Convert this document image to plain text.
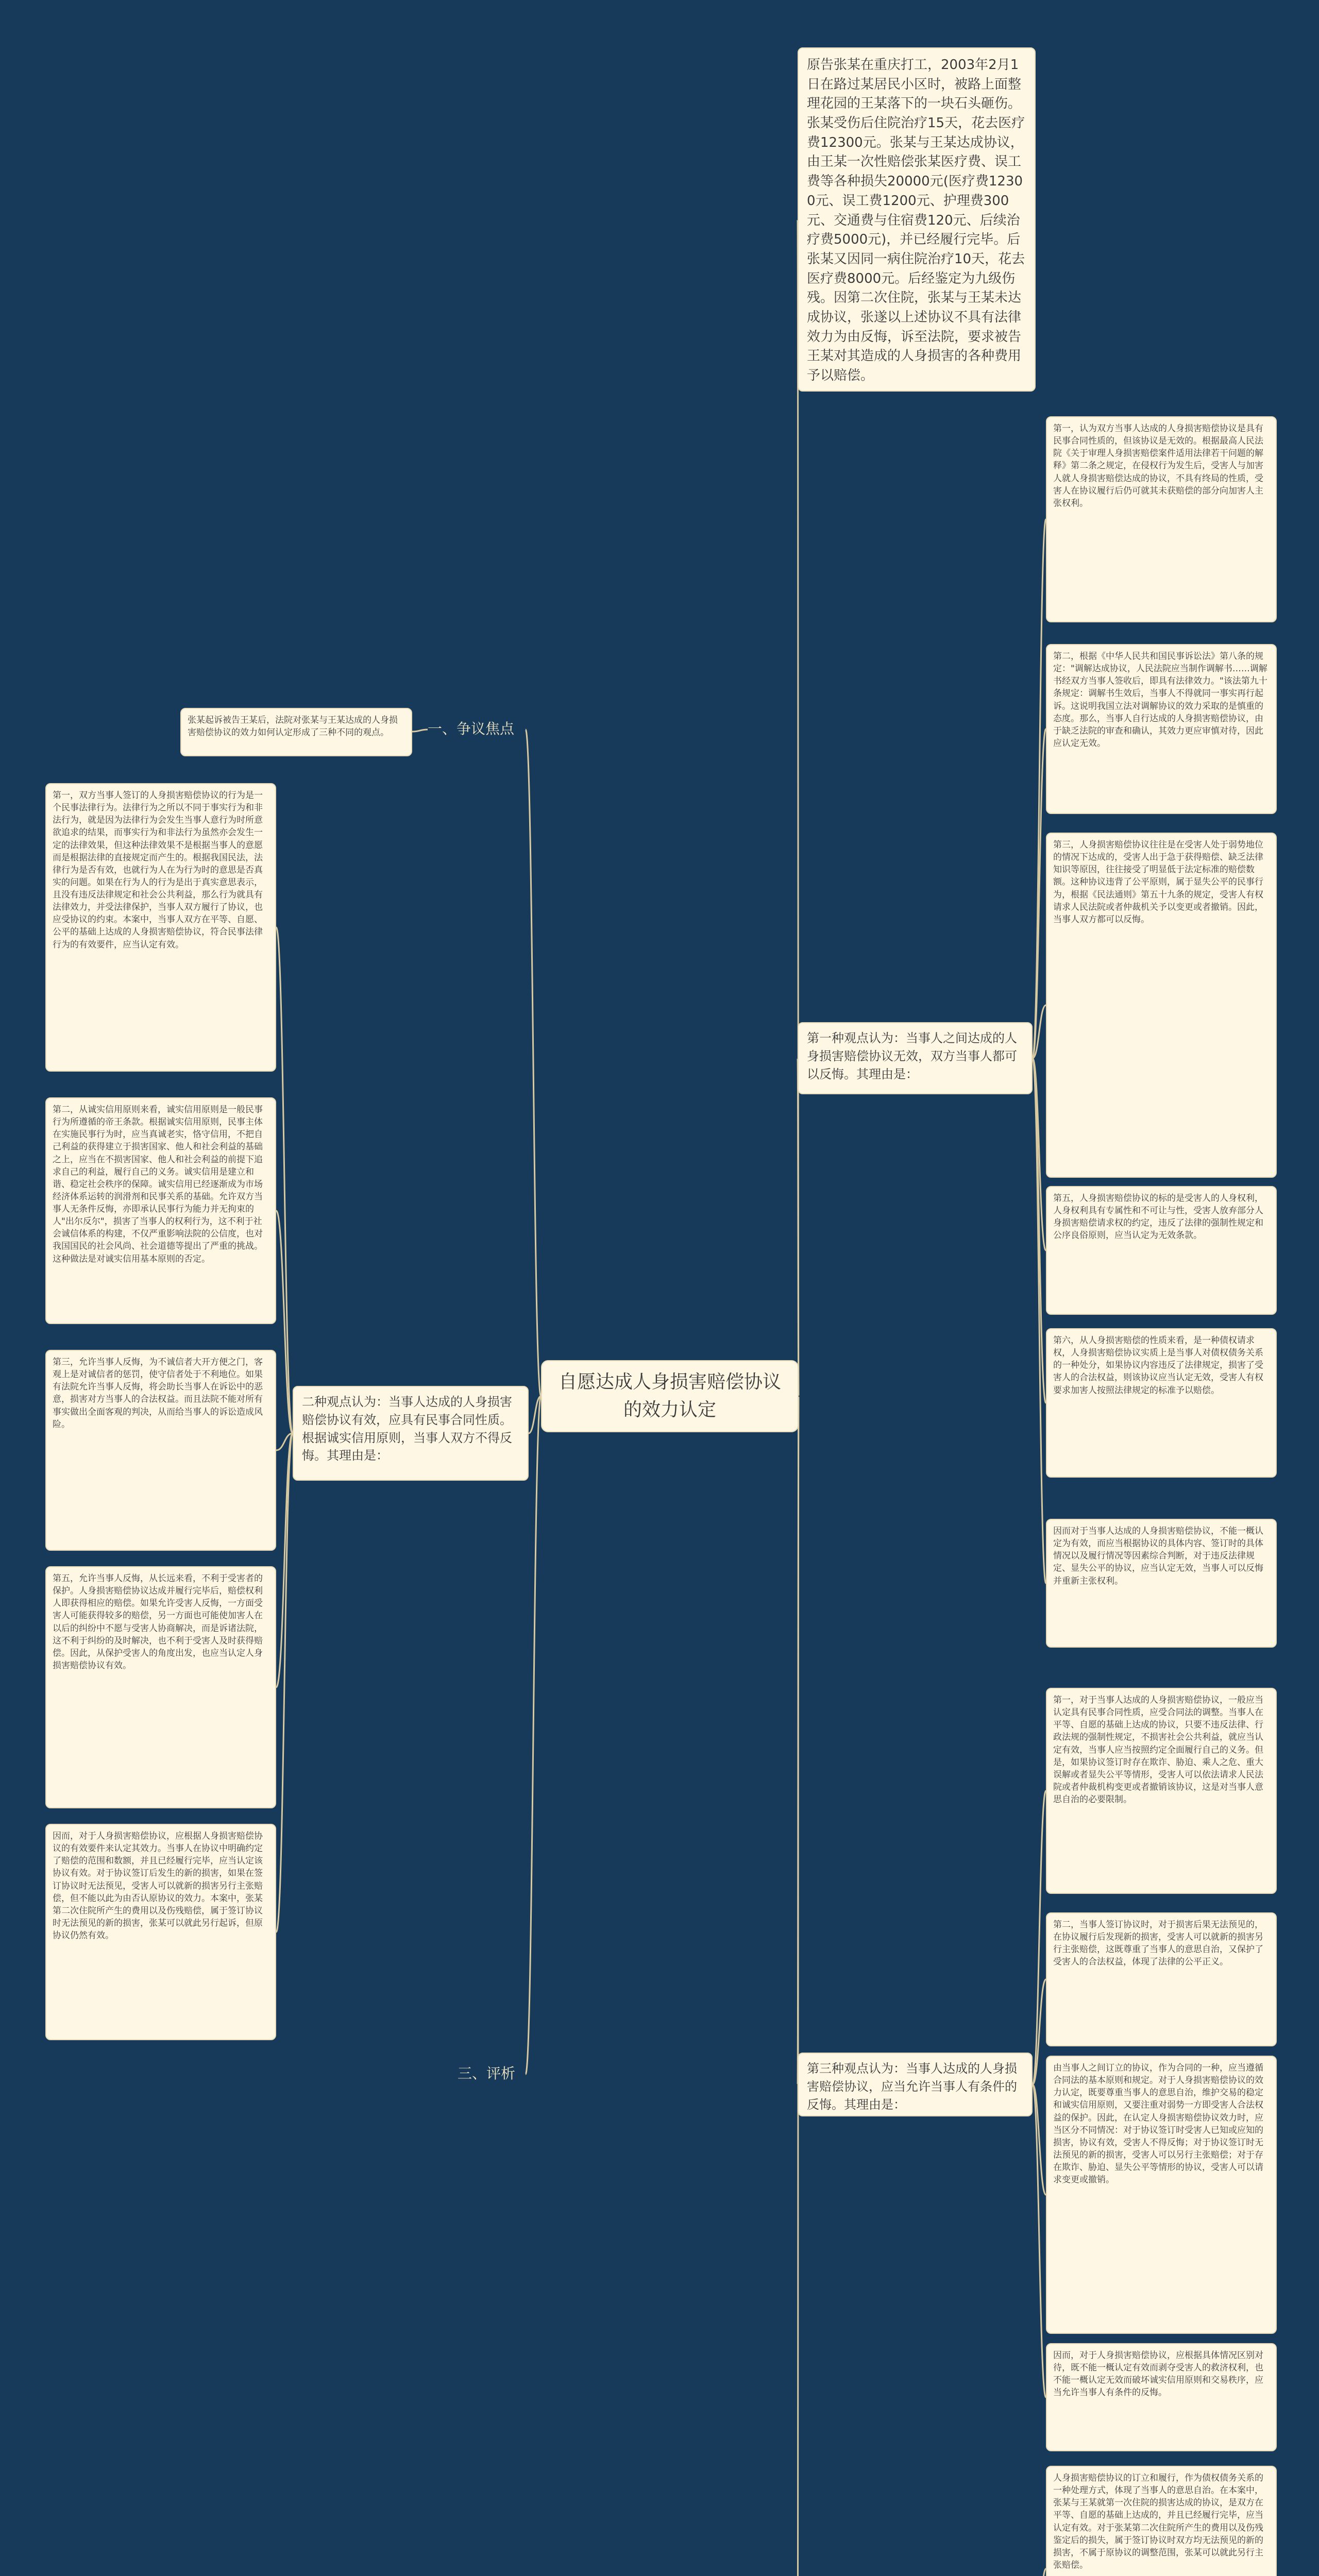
自愿达成人身损害赔偿协议的效力认定
原告张某在重庆打工，2003年2月1日在路过某居民小区时，被路上面整理花园的王某落下的一块石头砸伤。张某受伤后住院治疗15天，花去医疗费12300元。张某与王某达成协议，由王某一次性赔偿张某医疗费、误工费等各种损失20000元(医疗费12300元、误工费1200元、护理费300元、交通费与住宿费120元、后续治疗费5000元)，并已经履行完毕。后张某又因同一病住院治疗10天，花去医疗费8000元。后经鉴定为九级伤残。因第二次住院，张某与王某未达成协议，张遂以上述协议不具有法律效力为由反悔，诉至法院，要求被告王某对其造成的人身损害的各种费用予以赔偿。
一、争议焦点
二种观点认为：当事人达成的人身损害赔偿协议有效，应具有民事合同性质。根据诚实信用原则，当事人双方不得反悔。其理由是：
三、评析
张某起诉被告王某后，法院对张某与王某达成的人身损害赔偿协议的效力如何认定形成了三种不同的观点。
第一，双方当事人签订的人身损害赔偿协议的行为是一个民事法律行为。法律行为之所以不同于事实行为和非法行为，就是因为法律行为会发生当事人意行为时所意欲追求的结果，而事实行为和非法行为虽然亦会发生一定的法律效果，但这种法律效果不是根据当事人的意愿而是根据法律的直接规定而产生的。根据我国民法，法律行为是否有效，也就行为人在为行为时的意思是否真实的问题。如果在行为人的行为是出于真实意思表示，且没有违反法律规定和社会公共利益，那么行为就具有法律效力，并受法律保护，当事人双方履行了协议，也应受协议的约束。本案中，当事人双方在平等、自愿、公平的基础上达成的人身损害赔偿协议，符合民事法律行为的有效要件，应当认定有效。
第二，从诚实信用原则来看，诚实信用原则是一般民事行为所遵循的帝王条款。根据诚实信用原则，民事主体在实施民事行为时，应当真诚老实，恪守信用，不把自己利益的获得建立于损害国家、他人和社会利益的基础之上，应当在不损害国家、他人和社会利益的前提下追求自己的利益，履行自己的义务。诚实信用是建立和谐、稳定社会秩序的保障。诚实信用已经逐渐成为市场经济体系运转的润滑剂和民事关系的基础。允许双方当事人无条件反悔，亦即承认民事行为能力并无拘束的人"出尔反尔"，损害了当事人的权利行为，这不利于社会诚信体系的构建，不仅严重影响法院的公信度，也对我国国民的社会风尚、社会道德等提出了严重的挑战。这种做法是对诚实信用基本原则的否定。
第三，允许当事人反悔，为不诚信者大开方便之门，客观上是对诚信者的惩罚，使守信者处于不利地位。如果有法院允许当事人反悔，将会助长当事人在诉讼中的恶意，损害对方当事人的合法权益。而且法院不能对所有事实做出全面客观的判决，从而给当事人的诉讼造成风险。
第五，允许当事人反悔，从长远来看，不利于受害者的保护。人身损害赔偿协议达成并履行完毕后，赔偿权利人即获得相应的赔偿。如果允许受害人反悔，一方面受害人可能获得较多的赔偿，另一方面也可能使加害人在以后的纠纷中不愿与受害人协商解决，而是诉诸法院，这不利于纠纷的及时解决，也不利于受害人及时获得赔偿。因此，从保护受害人的角度出发，也应当认定人身损害赔偿协议有效。
因而，对于人身损害赔偿协议，应根据人身损害赔偿协议的有效要件来认定其效力。当事人在协议中明确约定了赔偿的范围和数额，并且已经履行完毕，应当认定该协议有效。对于协议签订后发生的新的损害，如果在签订协议时无法预见，受害人可以就新的损害另行主张赔偿，但不能以此为由否认原协议的效力。本案中，张某第二次住院所产生的费用以及伤残赔偿，属于签订协议时无法预见的新的损害，张某可以就此另行起诉，但原协议仍然有效。
第一种观点认为：当事人之间达成的人身损害赔偿协议无效，双方当事人都可以反悔。其理由是：
第三种观点认为：当事人达成的人身损害赔偿协议，应当允许当事人有条件的反悔。其理由是：
第一，认为双方当事人达成的人身损害赔偿协议是具有民事合同性质的，但该协议是无效的。根据最高人民法院《关于审理人身损害赔偿案件适用法律若干问题的解释》第二条之规定，在侵权行为发生后，受害人与加害人就人身损害赔偿达成的协议，不具有终局的性质，受害人在协议履行后仍可就其未获赔偿的部分向加害人主张权利。
第二，根据《中华人民共和国民事诉讼法》第八条的规定："调解达成协议，人民法院应当制作调解书……调解书经双方当事人签收后，即具有法律效力。"该法第九十条规定：调解书生效后，当事人不得就同一事实再行起诉。这说明我国立法对调解协议的效力采取的是慎重的态度。那么，当事人自行达成的人身损害赔偿协议，由于缺乏法院的审查和确认，其效力更应审慎对待，因此应认定无效。
第三，人身损害赔偿协议往往是在受害人处于弱势地位的情况下达成的，受害人出于急于获得赔偿、缺乏法律知识等原因，往往接受了明显低于法定标准的赔偿数额。这种协议违背了公平原则，属于显失公平的民事行为，根据《民法通则》第五十九条的规定，受害人有权请求人民法院或者仲裁机关予以变更或者撤销。因此，当事人双方都可以反悔。
第五，人身损害赔偿协议的标的是受害人的人身权利，人身权利具有专属性和不可让与性，受害人放弃部分人身损害赔偿请求权的约定，违反了法律的强制性规定和公序良俗原则，应当认定为无效条款。
第六，从人身损害赔偿的性质来看，是一种债权请求权，人身损害赔偿协议实质上是当事人对债权债务关系的一种处分，如果协议内容违反了法律规定，损害了受害人的合法权益，则该协议应当认定无效，受害人有权要求加害人按照法律规定的标准予以赔偿。
因而对于当事人达成的人身损害赔偿协议，不能一概认定为有效，而应当根据协议的具体内容、签订时的具体情况以及履行情况等因素综合判断，对于违反法律规定、显失公平的协议，应当认定无效，当事人可以反悔并重新主张权利。
第一，对于当事人达成的人身损害赔偿协议，一般应当认定具有民事合同性质，应受合同法的调整。当事人在平等、自愿的基础上达成的协议，只要不违反法律、行政法规的强制性规定，不损害社会公共利益，就应当认定有效，当事人应当按照约定全面履行自己的义务。但是，如果协议签订时存在欺诈、胁迫、乘人之危、重大误解或者显失公平等情形，受害人可以依法请求人民法院或者仲裁机构变更或者撤销该协议，这是对当事人意思自治的必要限制。
第二，当事人签订协议时，对于损害后果无法预见的，在协议履行后发现新的损害，受害人可以就新的损害另行主张赔偿，这既尊重了当事人的意思自治，又保护了受害人的合法权益，体现了法律的公平正义。
由当事人之间订立的协议，作为合同的一种，应当遵循合同法的基本原则和规定。对于人身损害赔偿协议的效力认定，既要尊重当事人的意思自治，维护交易的稳定和诚实信用原则，又要注重对弱势一方即受害人合法权益的保护。因此，在认定人身损害赔偿协议效力时，应当区分不同情况：对于协议签订时受害人已知或应知的损害，协议有效，受害人不得反悔；对于协议签订时无法预见的新的损害，受害人可以另行主张赔偿；对于存在欺诈、胁迫、显失公平等情形的协议，受害人可以请求变更或撤销。
因而，对于人身损害赔偿协议，应根据具体情况区别对待，既不能一概认定有效而剥夺受害人的救济权利，也不能一概认定无效而破坏诚实信用原则和交易秩序，应当允许当事人有条件的反悔。
人身损害赔偿协议的订立和履行，作为债权债务关系的一种处理方式，体现了当事人的意思自治。在本案中，张某与王某就第一次住院的损害达成的协议，是双方在平等、自愿的基础上达成的，并且已经履行完毕，应当认定有效。对于张某第二次住院所产生的费用以及伤残鉴定后的损失，属于签订协议时双方均无法预见的新的损害，不属于原协议的调整范围，张某可以就此另行主张赔偿。
